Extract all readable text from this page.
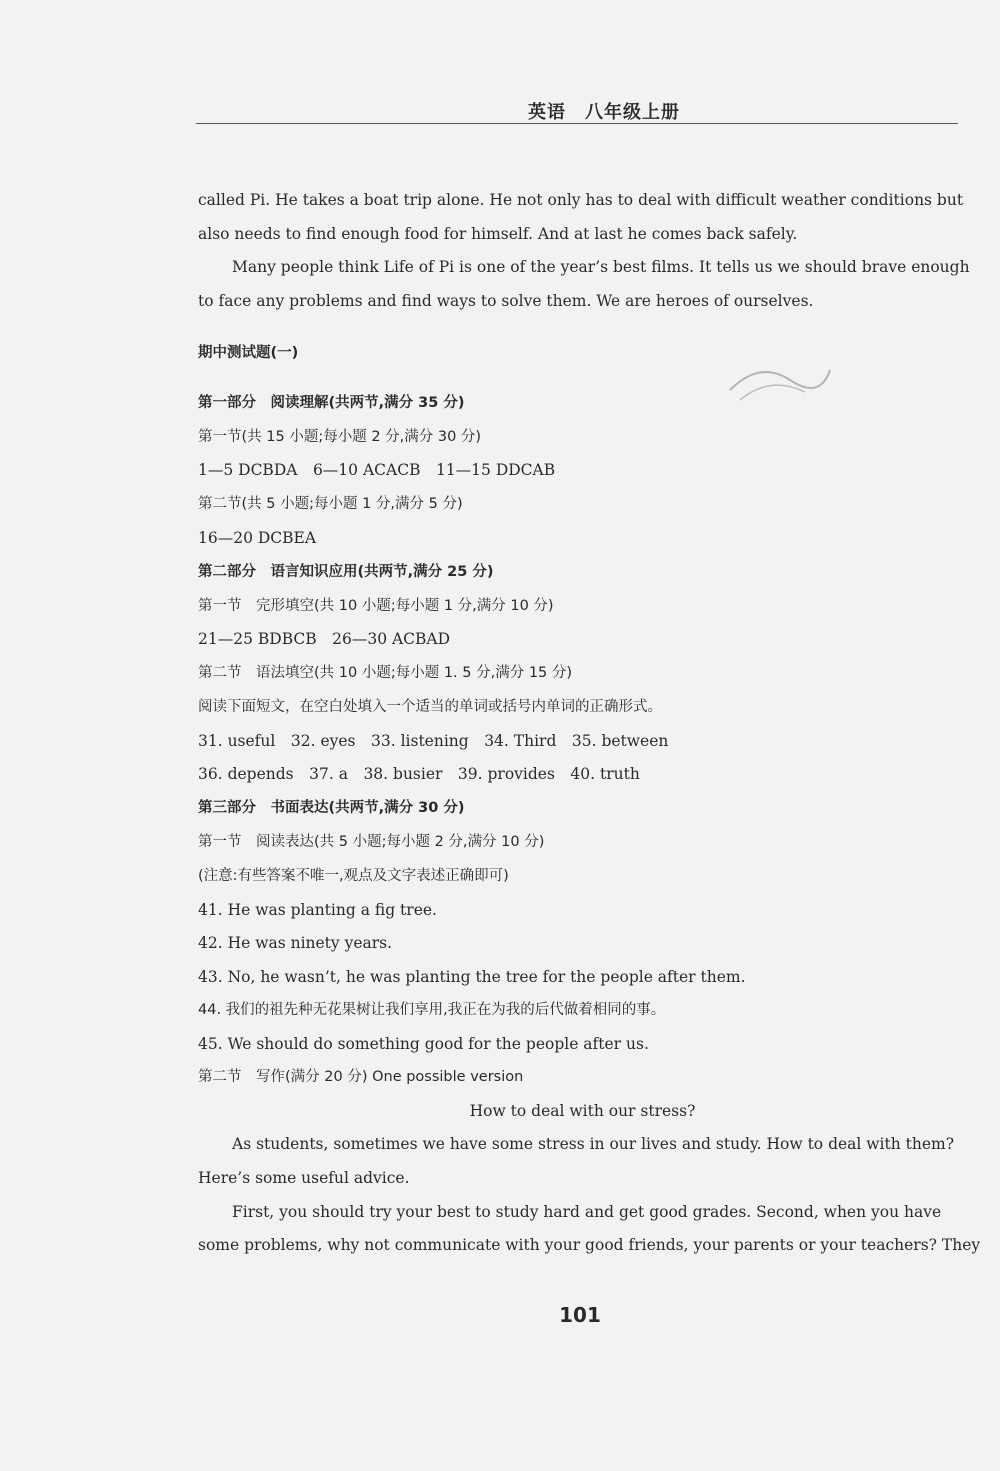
英语　八年级上册
called Pi. He takes a boat trip alone. He not only has to deal with difficult weather conditions but
also needs to find enough food for himself. And at last he comes back safely.
Many people think Life of Pi is one of the year’s best films. It tells us we should brave enough
to face any problems and find ways to solve them. We are heroes of ourselves.
期中测试题(一)
第一部分　阅读理解(共两节,满分 35 分)
第一节(共 15 小题;每小题 2 分,满分 30 分)
1—5 DCBDA　6—10 ACACB　11—15 DDCAB
第二节(共 5 小题;每小题 1 分,满分 5 分)
16—20 DCBEA
第二部分　语言知识应用(共两节,满分 25 分)
第一节　完形填空(共 10 小题;每小题 1 分,满分 10 分)
21—25 BDBCB　26—30 ACBAD
第二节　语法填空(共 10 小题;每小题 1. 5 分,满分 15 分)
阅读下面短文，在空白处填入一个适当的单词或括号内单词的正确形式。
31. useful　32. eyes　33. listening　34. Third　35. between
36. depends　37. a　38. busier　39. provides　40. truth
第三部分　书面表达(共两节,满分 30 分)
第一节　阅读表达(共 5 小题;每小题 2 分,满分 10 分)
(注意:有些答案不唯一,观点及文字表述正确即可)
41. He was planting a fig tree.
42. He was ninety years.
43. No, he wasn’t, he was planting the tree for the people after them.
44. 我们的祖先种无花果树让我们享用,我正在为我的后代做着相同的事。
45. We should do something good for the people after us.
第二节　写作(满分 20 分) One possible version
How to deal with our stress?
As students, sometimes we have some stress in our lives and study. How to deal with them?
Here’s some useful advice.
First, you should try your best to study hard and get good grades. Second, when you have
some problems, why not communicate with your good friends, your parents or your teachers? They
101
